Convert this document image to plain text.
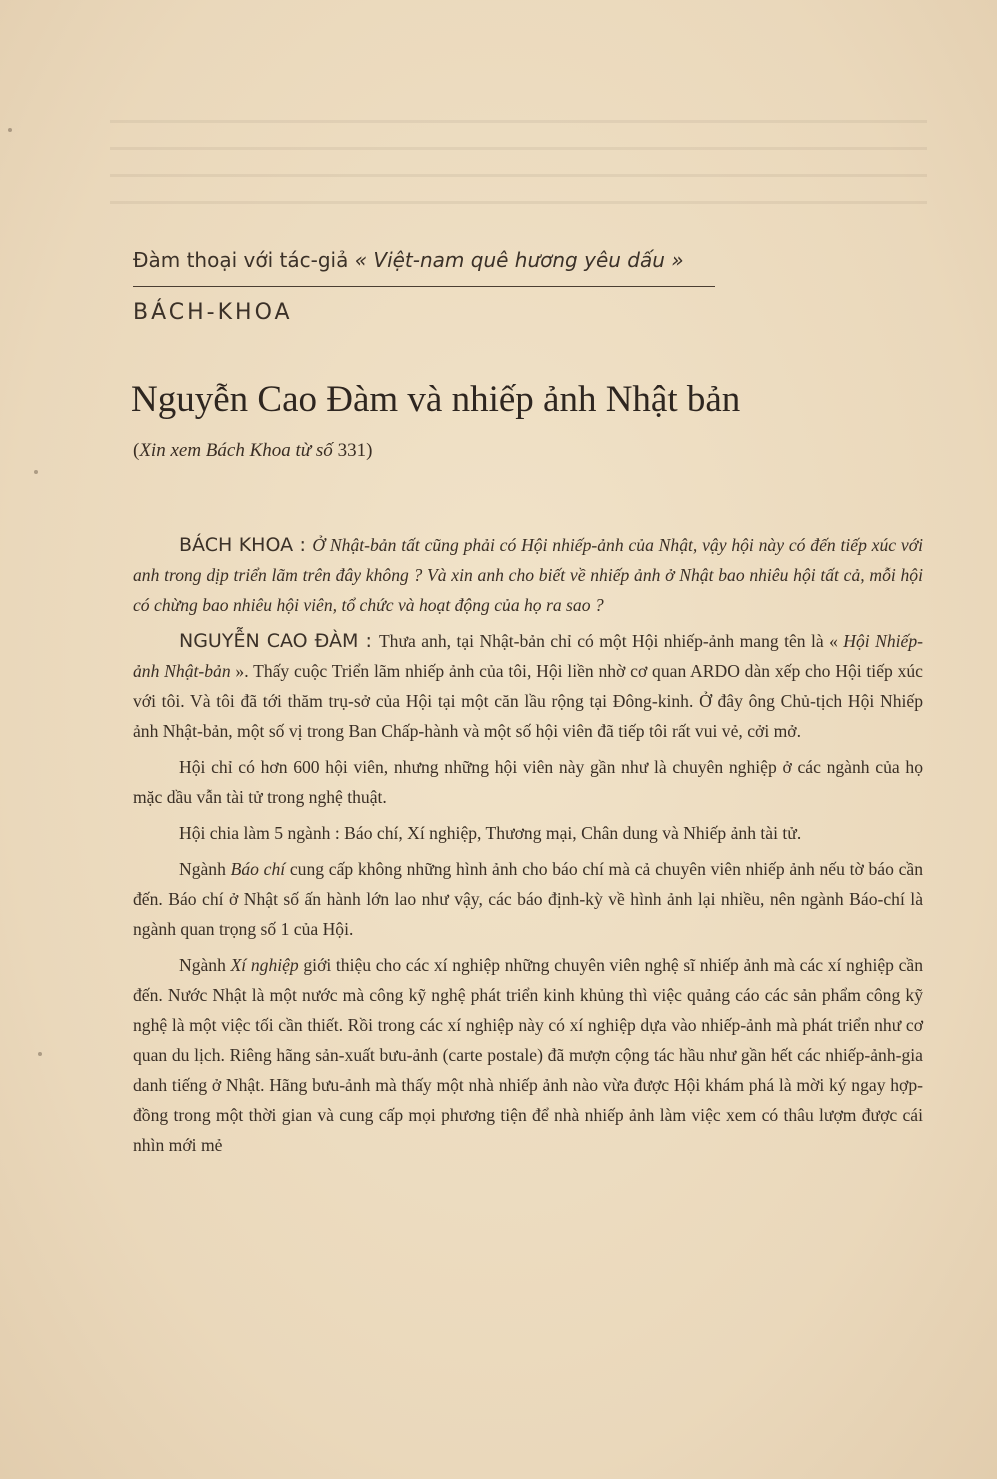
Đàm thoại với tác-giả « Việt-nam quê hương yêu dấu »
BÁCH-KHOA
Nguyễn Cao Đàm và nhiếp ảnh Nhật bản
(Xin xem Bách Khoa từ số 331)

BÁCH KHOA : Ở Nhật-bản tất cũng phải có Hội nhiếp-ảnh của Nhật, vậy hội này có đến tiếp xúc với anh trong dịp triển lãm trên đây không ? Và xin anh cho biết về nhiếp ảnh ở Nhật bao nhiêu hội tất cả, mỗi hội có chừng bao nhiêu hội viên, tổ chức và hoạt động của họ ra sao ?

NGUYỄN CAO ĐÀM : Thưa anh, tại Nhật-bản chỉ có một Hội nhiếp-ảnh mang tên là « Hội Nhiếp-ảnh Nhật-bản ». Thấy cuộc Triển lãm nhiếp ảnh của tôi, Hội liền nhờ cơ quan ARDO dàn xếp cho Hội tiếp xúc với tôi. Và tôi đã tới thăm trụ-sở của Hội tại một căn lầu rộng tại Đông-kinh. Ở đây ông Chủ-tịch Hội Nhiếp ảnh Nhật-bản, một số vị trong Ban Chấp-hành và một số hội viên đã tiếp tôi rất vui vẻ, cởi mở.

Hội chỉ có hơn 600 hội viên, nhưng những hội viên này gần như là chuyên nghiệp ở các ngành của họ mặc dầu vẫn tài tử trong nghệ thuật.

Hội chia làm 5 ngành : Báo chí, Xí nghiệp, Thương mại, Chân dung và Nhiếp ảnh tài tử.

Ngành Báo chí cung cấp không những hình ảnh cho báo chí mà cả chuyên viên nhiếp ảnh nếu tờ báo cần đến. Báo chí ở Nhật số ấn hành lớn lao như vậy, các báo định-kỳ về hình ảnh lại nhiều, nên ngành Báo-chí là ngành quan trọng số 1 của Hội.

Ngành Xí nghiệp giới thiệu cho các xí nghiệp những chuyên viên nghệ sĩ nhiếp ảnh mà các xí nghiệp cần đến. Nước Nhật là một nước mà công kỹ nghệ phát triển kinh khủng thì việc quảng cáo các sản phẩm công kỹ nghệ là một việc tối cần thiết. Rồi trong các xí nghiệp này có xí nghiệp dựa vào nhiếp-ảnh mà phát triển như cơ quan du lịch. Riêng hãng sản-xuất bưu-ảnh (carte postale) đã mượn cộng tác hầu như gần hết các nhiếp-ảnh-gia danh tiếng ở Nhật. Hãng bưu-ảnh mà thấy một nhà nhiếp ảnh nào vừa được Hội khám phá là mời ký ngay hợp-đồng trong một thời gian và cung cấp mọi phương tiện để nhà nhiếp ảnh làm việc xem có thâu lượm được cái nhìn mới mẻ
